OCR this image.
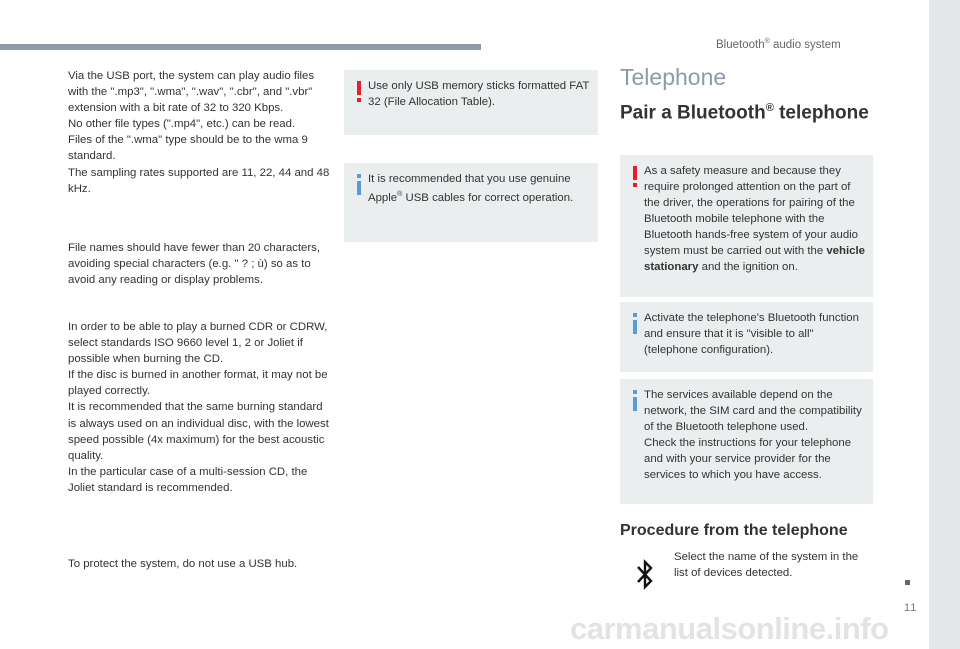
Bluetooth® audio system
11

Via the USB port, the system can play audio files with the ".mp3", ".wma", ".wav", ".cbr", and ".vbr" extension with a bit rate of 32 to 320 Kbps.

No other file types (".mp4", etc.) can be read.

Files of the ".wma" type should be to the wma 9 standard.

The sampling rates supported are 11, 22, 44 and 48 kHz.

File names should have fewer than 20 characters, avoiding special characters (e.g. " ? ; ù) so as to avoid any reading or display problems.

In order to be able to play a burned CDR or CDRW, select standards ISO 9660 level 1, 2 or Joliet if possible when burning the CD.

If the disc is burned in another format, it may not be played correctly.

It is recommended that the same burning standard is always used on an individual disc, with the lowest speed possible (4x maximum) for the best acoustic quality.

In the particular case of a multi-session CD, the Joliet standard is recommended.

To protect the system, do not use a USB hub.

Use only USB memory sticks formatted FAT 32 (File Allocation Table).
It is recommended that you use genuine Apple® USB cables for correct operation.
Telephone
Pair a Bluetooth® telephone
As a safety measure and because they require prolonged attention on the part of the driver, the operations for pairing of the Bluetooth mobile telephone with the Bluetooth hands-free system of your audio system must be carried out with the vehicle stationary and the ignition on.
Activate the telephone's Bluetooth function and ensure that it is "visible to all" (telephone configuration).
The services available depend on the network, the SIM card and the compatibility of the Bluetooth telephone used.
Check the instructions for your telephone and with your service provider for the services to which you have access.
Procedure from the telephone
Select the name of the system in the list of devices detected.
carmanualsonline.info
